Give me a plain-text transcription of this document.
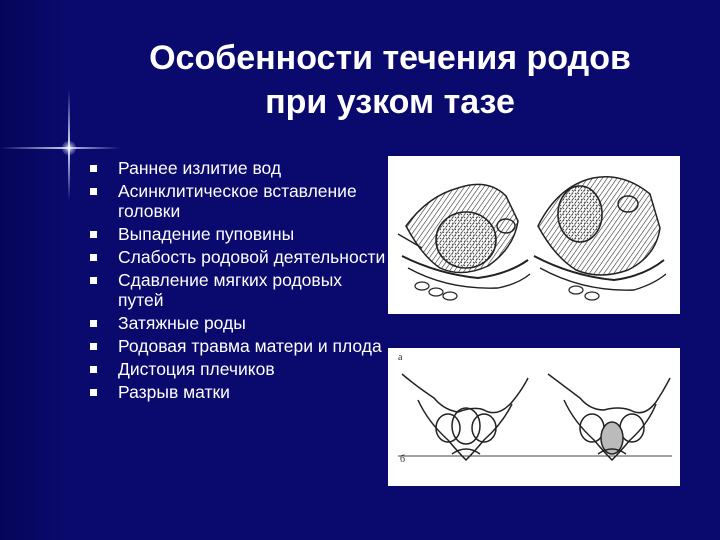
Особенности течения родов
при узком тазе
Раннее излитие вод
Асинклитическое вставление головки
Выпадение пуповины
Слабость родовой деятельности
Сдавление мягких родовых путей
Затяжные роды
Родовая травма матери и плода
Дистоция плечиков
Разрыв матки
a
б
